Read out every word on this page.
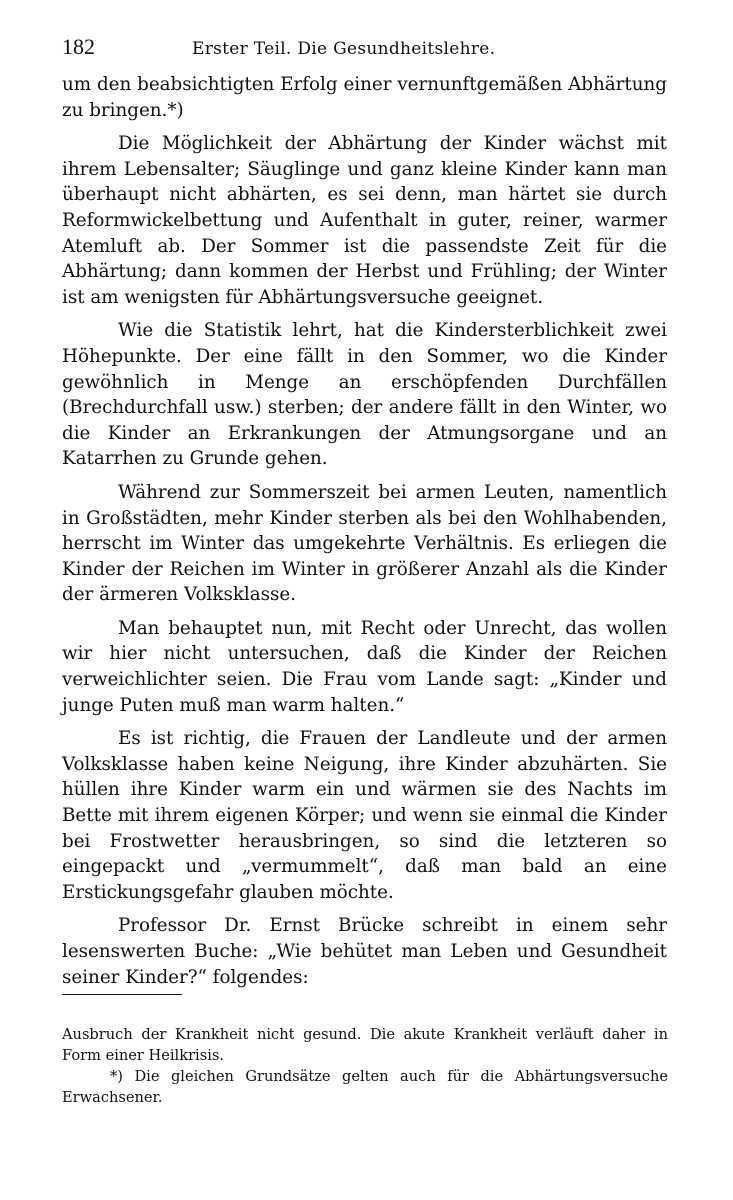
182	Erster Teil. Die Gesundheitslehre.

um den beabsichtigten Erfolg einer vernunftgemäßen Abhärtung zu bringen.*)

Die Möglichkeit der Abhärtung der Kinder wächst mit ihrem Lebensalter; Säuglinge und ganz kleine Kinder kann man überhaupt nicht abhärten, es sei denn, man härtet sie durch Reformwickelbettung und Aufenthalt in guter, reiner, warmer Atemluft ab. Der Sommer ist die passendste Zeit für die Abhärtung; dann kommen der Herbst und Frühling; der Winter ist am wenigsten für Abhärtungsversuche geeignet.

Wie die Statistik lehrt, hat die Kindersterblichkeit zwei Höhepunkte. Der eine fällt in den Sommer, wo die Kinder gewöhnlich in Menge an erschöpfenden Durchfällen (Brechdurchfall usw.) sterben; der andere fällt in den Winter, wo die Kinder an Erkrankungen der Atmungsorgane und an Katarrhen zu Grunde gehen.

Während zur Sommerszeit bei armen Leuten, namentlich in Großstädten, mehr Kinder sterben als bei den Wohlhabenden, herrscht im Winter das umgekehrte Verhältnis. Es erliegen die Kinder der Reichen im Winter in größerer Anzahl als die Kinder der ärmeren Volksklasse.

Man behauptet nun, mit Recht oder Unrecht, das wollen wir hier nicht untersuchen, daß die Kinder der Reichen verweichlichter seien. Die Frau vom Lande sagt: „Kinder und junge Puten muß man warm halten.“

Es ist richtig, die Frauen der Landleute und der armen Volksklasse haben keine Neigung, ihre Kinder abzuhärten. Sie hüllen ihre Kinder warm ein und wärmen sie des Nachts im Bette mit ihrem eigenen Körper; und wenn sie einmal die Kinder bei Frostwetter herausbringen, so sind die letzteren so eingepackt und „vermummelt“, daß man bald an eine Erstickungsgefahr glauben möchte.

Professor Dr. Ernst Brücke schreibt in einem sehr lesenswerten Buche: „Wie behütet man Leben und Gesundheit seiner Kinder?“ folgendes:

Ausbruch der Krankheit nicht gesund. Die akute Krankheit verläuft daher in Form einer Heilkrisis.

*) Die gleichen Grundsätze gelten auch für die Abhärtungsversuche Erwachsener.
